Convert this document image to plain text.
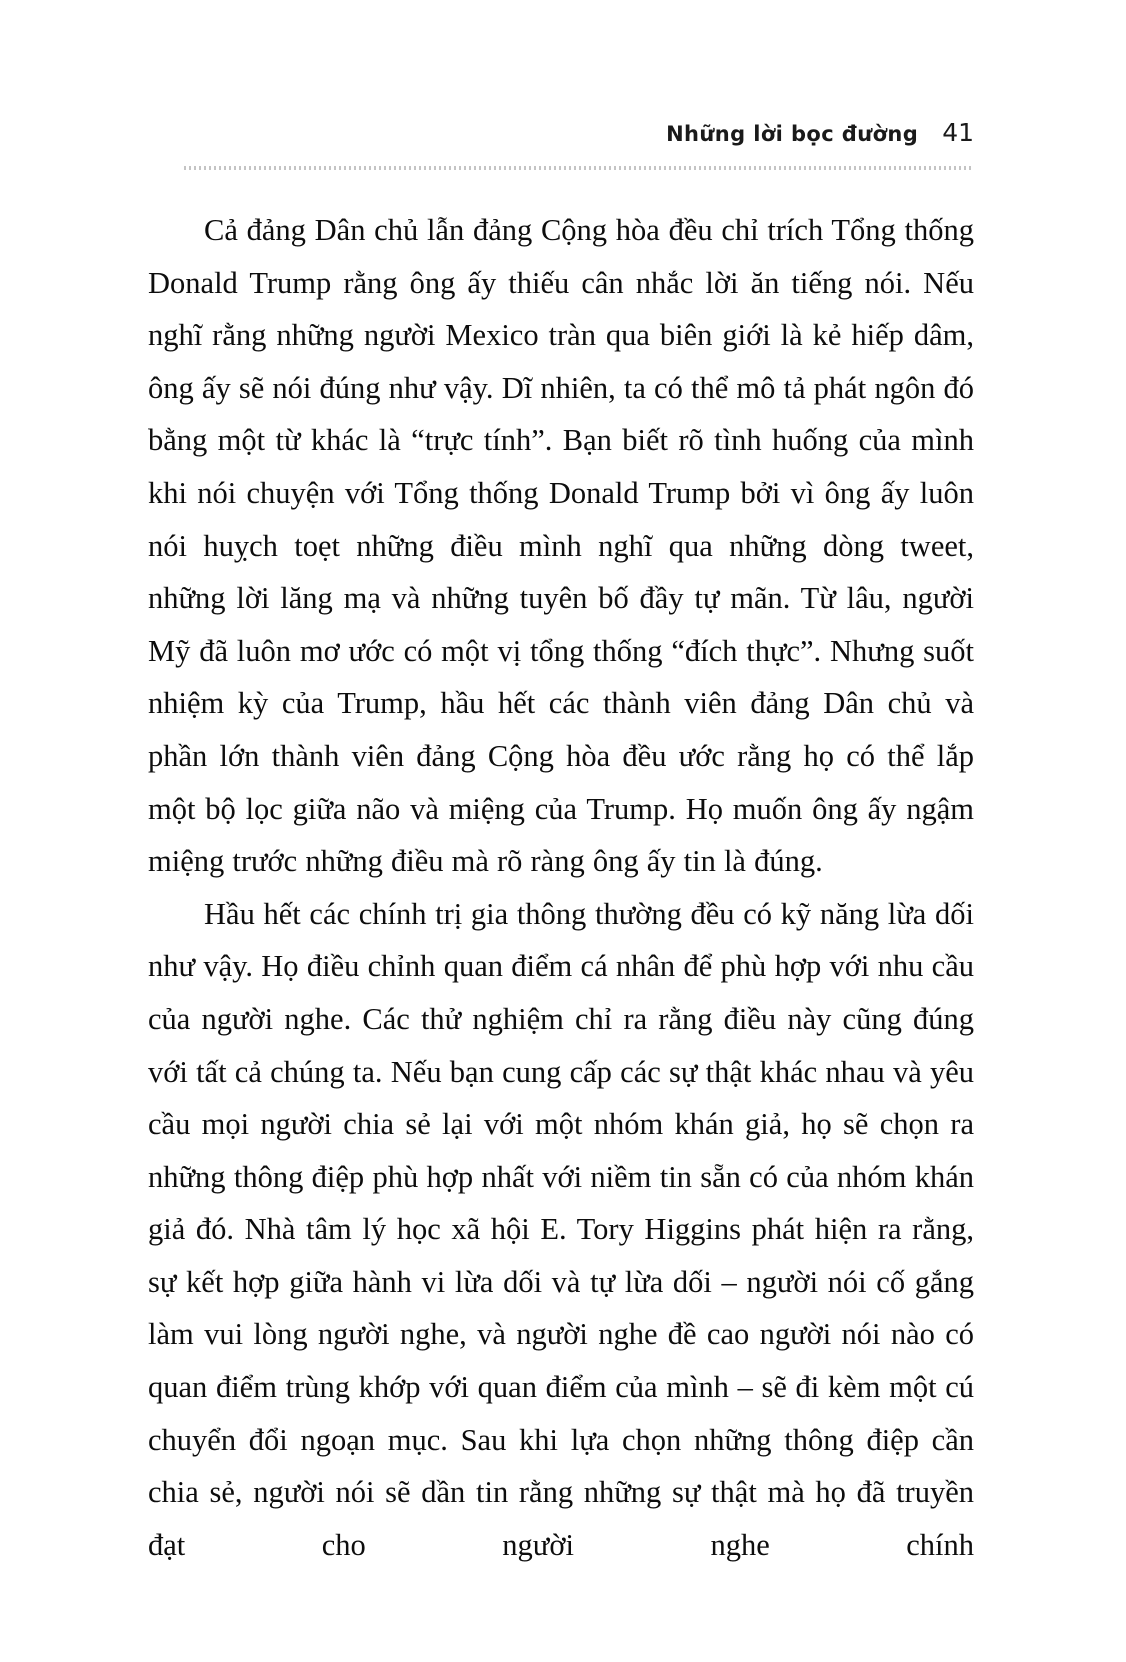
Những lời bọc đường 41

Cả đảng Dân chủ lẫn đảng Cộng hòa đều chỉ trích Tổng thống Donald Trump rằng ông ấy thiếu cân nhắc lời ăn tiếng nói. Nếu nghĩ rằng những người Mexico tràn qua biên giới là kẻ hiếp dâm, ông ấy sẽ nói đúng như vậy. Dĩ nhiên, ta có thể mô tả phát ngôn đó bằng một từ khác là “trực tính”. Bạn biết rõ tình huống của mình khi nói chuyện với Tổng thống Donald Trump bởi vì ông ấy luôn nói huỵch toẹt những điều mình nghĩ qua những dòng tweet, những lời lăng mạ và những tuyên bố đầy tự mãn. Từ lâu, người Mỹ đã luôn mơ ước có một vị tổng thống “đích thực”. Nhưng suốt nhiệm kỳ của Trump, hầu hết các thành viên đảng Dân chủ và phần lớn thành viên đảng Cộng hòa đều ước rằng họ có thể lắp một bộ lọc giữa não và miệng của Trump. Họ muốn ông ấy ngậm miệng trước những điều mà rõ ràng ông ấy tin là đúng.

Hầu hết các chính trị gia thông thường đều có kỹ năng lừa dối như vậy. Họ điều chỉnh quan điểm cá nhân để phù hợp với nhu cầu của người nghe. Các thử nghiệm chỉ ra rằng điều này cũng đúng với tất cả chúng ta. Nếu bạn cung cấp các sự thật khác nhau và yêu cầu mọi người chia sẻ lại với một nhóm khán giả, họ sẽ chọn ra những thông điệp phù hợp nhất với niềm tin sẵn có của nhóm khán giả đó. Nhà tâm lý học xã hội E. Tory Higgins phát hiện ra rằng, sự kết hợp giữa hành vi lừa dối và tự lừa dối – người nói cố gắng làm vui lòng người nghe, và người nghe đề cao người nói nào có quan điểm trùng khớp với quan điểm của mình – sẽ đi kèm một cú chuyển đổi ngoạn mục. Sau khi lựa chọn những thông điệp cần chia sẻ, người nói sẽ dần tin rằng những sự thật mà họ đã truyền đạt cho người nghe chính
